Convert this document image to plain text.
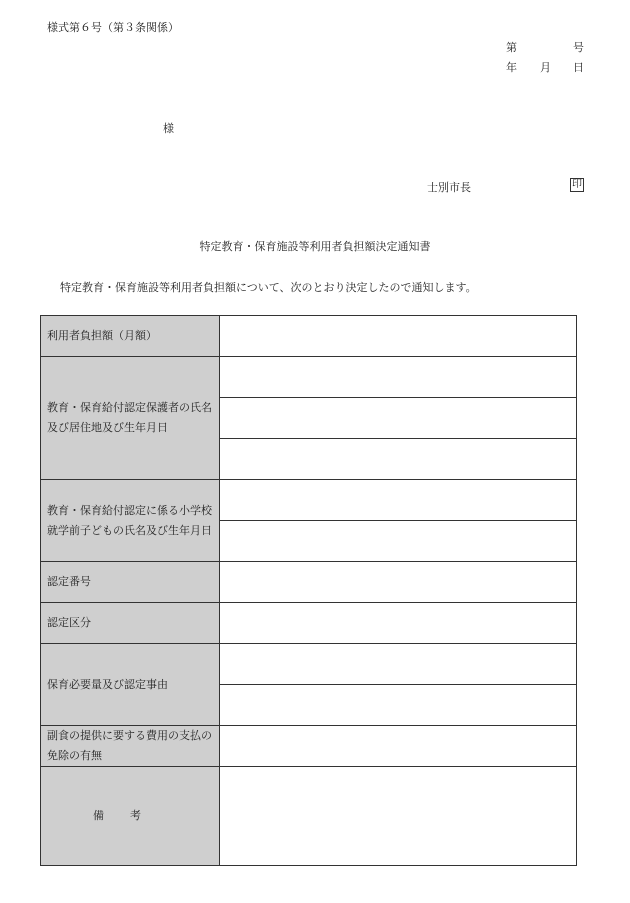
様式第６号（第３条関係）
第	号
年 月 日
様
士別市長	印
特定教育・保育施設等利用者負担額決定通知書
特定教育・保育施設等利用者負担額について、次のとおり決定したので通知します。
利用者負担額（月額）	
教育・保育給付認定保護者の氏名及び居住地及び生年月日	

教育・保育給付認定に係る小学校就学前子どもの氏名及び生年月日	

認定番号	
認定区分	
保育必要量及び認定事由	

副食の提供に要する費用の支払の免除の有無	
備考	
